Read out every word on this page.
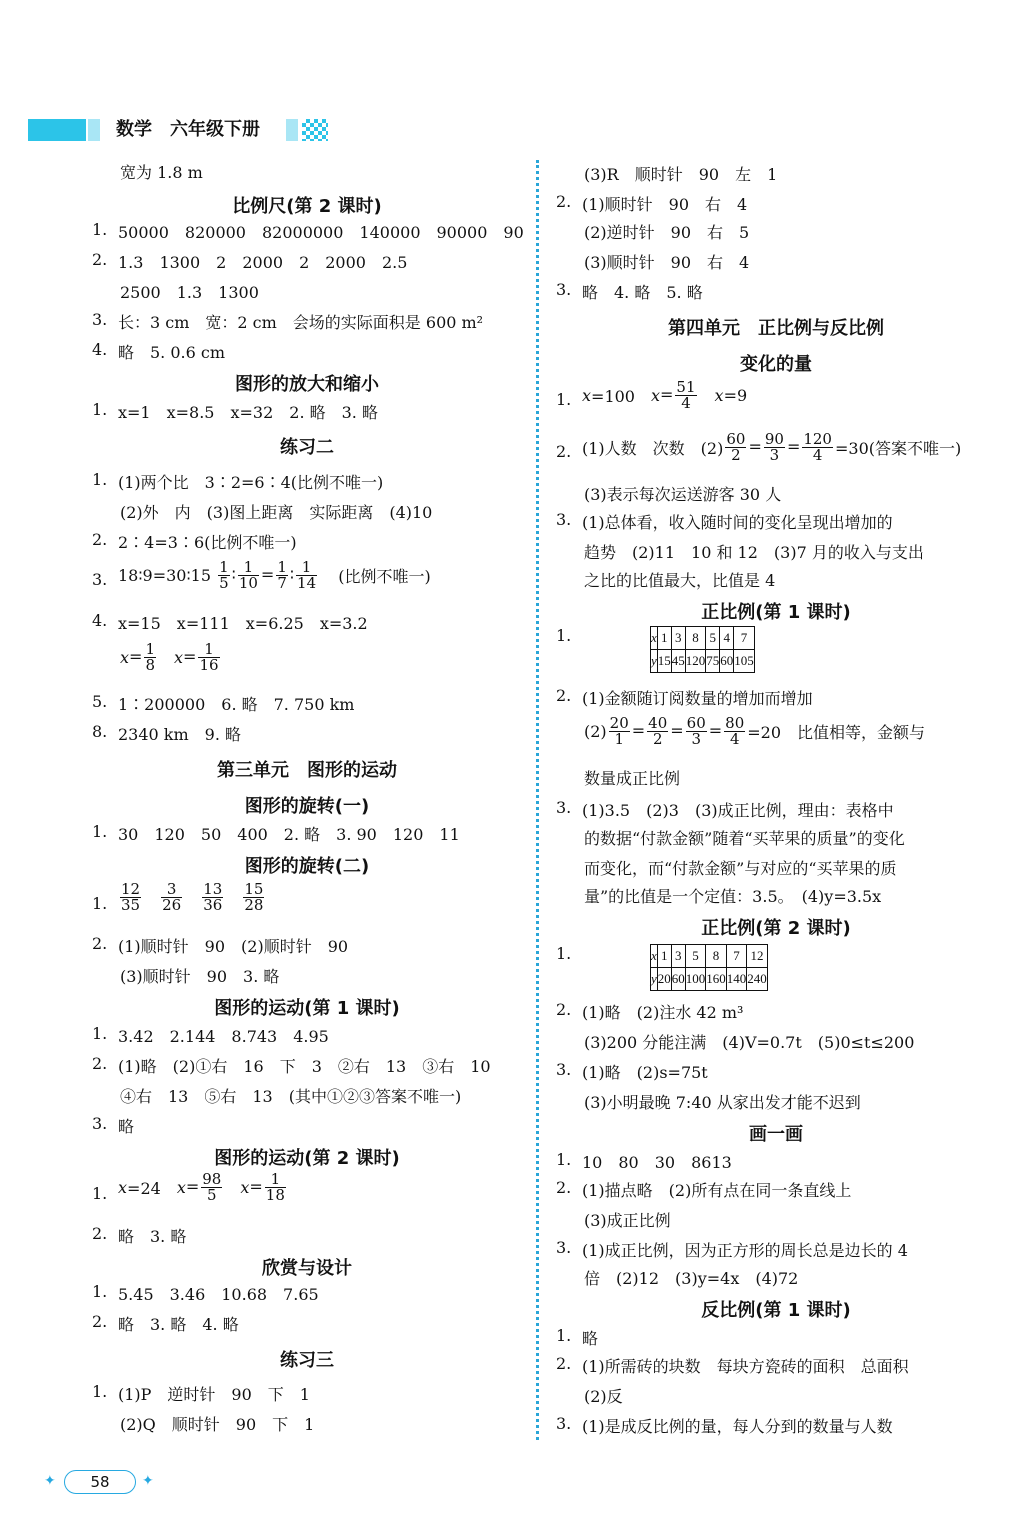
数学　六年级下册
宽为 1.8 m
比例尺(第 2 课时)
1. 50000　820000　82000000　140000　90000　90
2. 1.3　1300　2　2000　2　2000　2.5
2500　1.3　1300
3. 长：3 cm　宽：2 cm　会场的实际面积是 600 m²
4. 略　5. 0.6 cm
图形的放大和缩小
1. x=1　x=8.5　x=32　2. 略　3. 略
练习二
1. (1)两个比　3∶2=6∶4(比例不唯一)
(2)外　内　(3)图上距离　实际距离　(4)10
2. 2∶4=3∶6(比例不唯一)
3. 18∶9=30∶15 $\frac{1}{5}$ ∶ $\frac{1}{10} = \frac{1}{7}$ ∶ $\frac{1}{14}$ (比例不唯一)
4. x=15　x=111　x=6.25　x=3.2
$x= \frac{1}{8}$
　 $x= \frac{1}{16}$
5. 1∶200000　6. 略　7. 750 km
8. 2340 km　9. 略
第三单元　图形的运动
图形的旋转(一)
1. 30　120　50　400　2. 略　3. 90　120　11
图形的旋转(二)
1. $\frac{12}{35}$
　 $\frac{3}{26}$
　 $\frac{13}{36}$
　 $\frac{15}{28}$
2. (1)顺时针　90　(2)顺时针　90
(3)顺时针　90　3. 略
图形的运动(第 1 课时)
1. 3.42　2.144　8.743　4.95
2. (1)略　(2)①右　16　下　3　②右　13　③右　10
④右　13　⑤右　13　(其中①②③答案不唯一)
3. 略
图形的运动(第 2 课时)
1. x=24　$x= \frac{98}{5}$
　 $x= \frac{1}{18}$
2. 略　3. 略
欣赏与设计
1. 5.45　3.46　10.68　7.65
2. 略　3. 略　4. 略
练习三
1. (1)P　逆时针　90　下　1
(2)Q　顺时针　90　下　1
(3)R　顺时针　90　左　1
2. (1)顺时针　90　右　4
(2)逆时针　90　右　5
(3)顺时针　90　右　4
3. 略　4. 略　5. 略
第四单元　正比例与反比例
变化的量
1. x=100　$x= \frac{51}{4}$
　 x=9
2. (1)人数　次数　$(2) \frac{60}{2} = \frac{90}{3} = \frac{120}{4} =30$(答案不唯一)
(3)表示每次运送游客 30 人
3. (1)总体看，收入随时间的变化呈现出增加的
趋势　(2)11　10 和 12　(3)7 月的收入与支出
之比的比值最大，比值是 4
正比例(第 1 课时)
1.	x	1	3	8	5	4	7
y	15	45	120	75	60	105
2. (1)金额随订阅数量的增加而增加
$(2) \frac{20}{1} = \frac{40}{2} = \frac{60}{3} = \frac{80}{4} =20$　比值相等，金额与
数量成正比例
3. (1)3.5　(2)3　(3)成正比例，理由：表格中
的数据“付款金额”随着“买苹果的质量”的变化
而变化，而“付款金额”与对应的“买苹果的质
量”的比值是一个定值：3.5。　(4)y=3.5x
正比例(第 2 课时)
1.	x	1	3	5	8	7	12
y	20	60	100	160	140	240
2. (1)略　(2)注水 42 m³
(3)200 分能注满　(4)V=0.7t　(5)0≤t≤200
3. (1)略　(2)s=75t
(3)小明最晚 7:40 从家出发才能不迟到
画一画
1. 10　80　30　8613
2. (1)描点略　(2)所有点在同一条直线上
(3)成正比例
3. (1)成正比例，因为正方形的周长总是边长的 4
倍　(2)12　(3)y=4x　(4)72
反比例(第 1 课时)
1. 略
2. (1)所需砖的块数　每块方瓷砖的面积　总面积
(2)反
3. (1)是成反比例的量，每人分到的数量与人数
✦	58	✦
